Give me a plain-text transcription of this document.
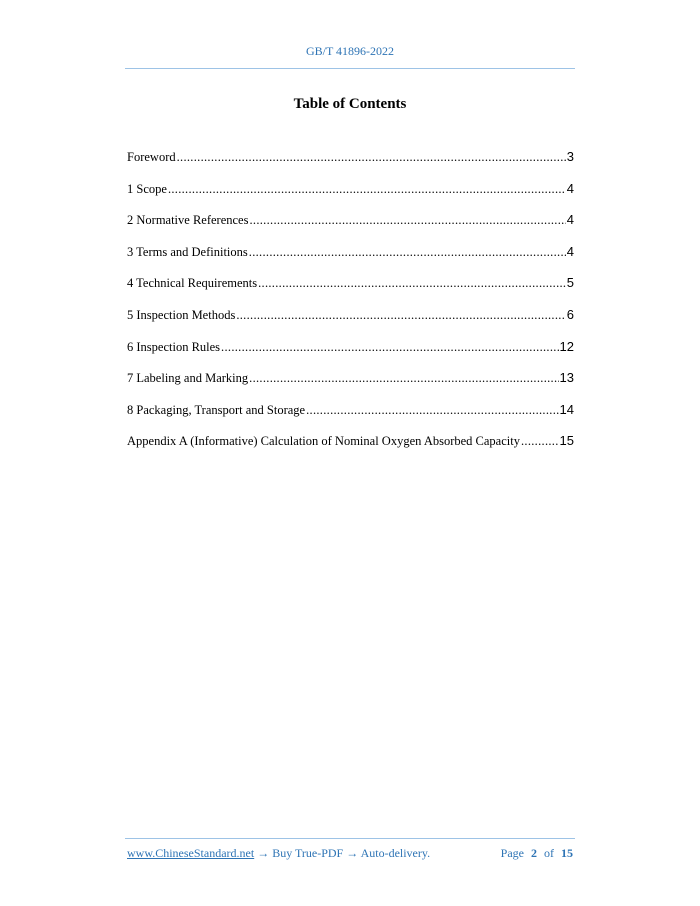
GB/T 41896-2022
Table of Contents
Foreword .....	3
1 Scope .....	4
2 Normative References .....	4
3 Terms and Definitions .....	4
4 Technical Requirements .....	5
5 Inspection Methods .....	6
6 Inspection Rules .....	12
7 Labeling and Marking .....	13
8 Packaging, Transport and Storage .....	14
Appendix A (Informative) Calculation of Nominal Oxygen Absorbed Capacity .....	15
www.ChineseStandard.net → Buy True-PDF → Auto-delivery.	Page 2 of 15
